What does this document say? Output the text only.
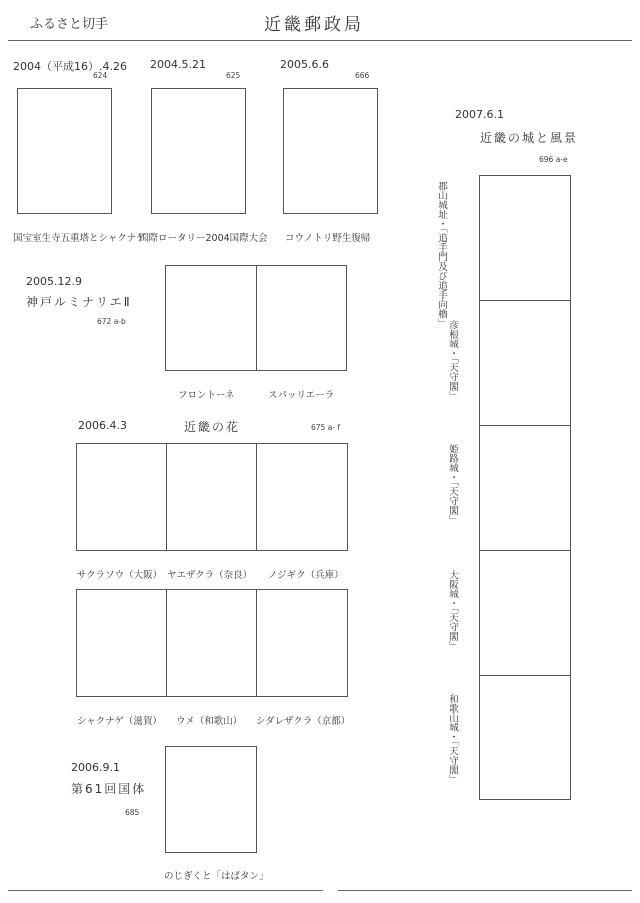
ふるさと切手	近畿郵政局
2004（平成16）.4.26
624
国宝室生寺五重塔とシャクナゲ
2004.5.21
625
国際ロータリー2004国際大会
2005.6.6
666
コウノトリ野生復帰
2005.12.9
神戸ルミナリエⅡ
672 a-b
フロントーネ	スパッリエーラ
2006.4.3	近畿の花	675 a- f
サクラソウ（大阪） ヤエザクラ（奈良） ノジギク（兵庫）
シャクナゲ（滋賀） ウメ（和歌山） シダレザクラ（京都）
2006.9.1
第61回国体
685
のじぎくと「はばタン」
2007.6.1
近畿の城と風景
696 a-e
郡山城址・「追手門及び追手向櫓」
彦根城・「天守閣」
姫路城・「天守閣」
大阪城・「天守閣」
和歌山城・「天守閣」
